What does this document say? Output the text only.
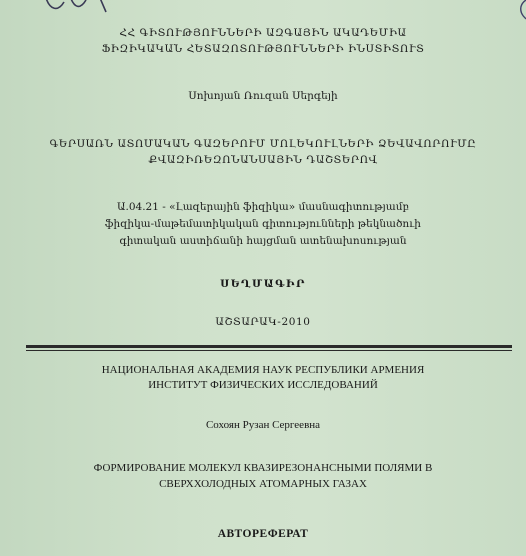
ՀՀ ԳԻՏՈՒԹՅՈՒՆՆԵՐԻ ԱԶԳԱՅԻՆ ԱԿԱԴԵՄԻԱ
ՖԻԶԻԿԱԿԱՆ ՀԵՏԱԶՈՏՈՒԹՅՈՒՆՆԵՐԻ ԻՆՍՏԻՏՈՒՏ
Սոխոյան Ռուզան Սերգեյի
ԳԵՐՍԱՌՆ ԱՏՈՄԱԿԱՆ ԳԱԶԵՐՈՒՄ ՄՈԼԵԿՈՒԼՆԵՐԻ ՁԵՎԱՎՈՐՈՒՄԸ
ՔՎԱԶԻՌԵԶՈՆԱՆՍԱՅԻՆ ԴԱՇՏԵՐՈՎ
Ա.04.21 - «Լազերային ֆիզիկա» մասնագիտությամբ
ֆիզիկա-մաթեմատիկական գիտությունների թեկնածուի
գիտական աստիճանի հայցման ատենախոսության
ՍԵՂՄԱԳԻՐ
ԱՇՏԱՐԱԿ-2010
НАЦИОНАЛЬНАЯ АКАДЕМИЯ НАУК РЕСПУБЛИКИ АРМЕНИЯ
ИНСТИТУТ ФИЗИЧЕСКИХ ИССЛЕДОВАНИЙ
Сохоян Рузан Сергеевна
ФОРМИРОВАНИЕ МОЛЕКУЛ КВАЗИРЕЗОНАНСНЫМИ ПОЛЯМИ В
СВЕРХХОЛОДНЫХ АТОМАРНЫХ ГАЗАХ
АВТОРЕФЕРАТ
